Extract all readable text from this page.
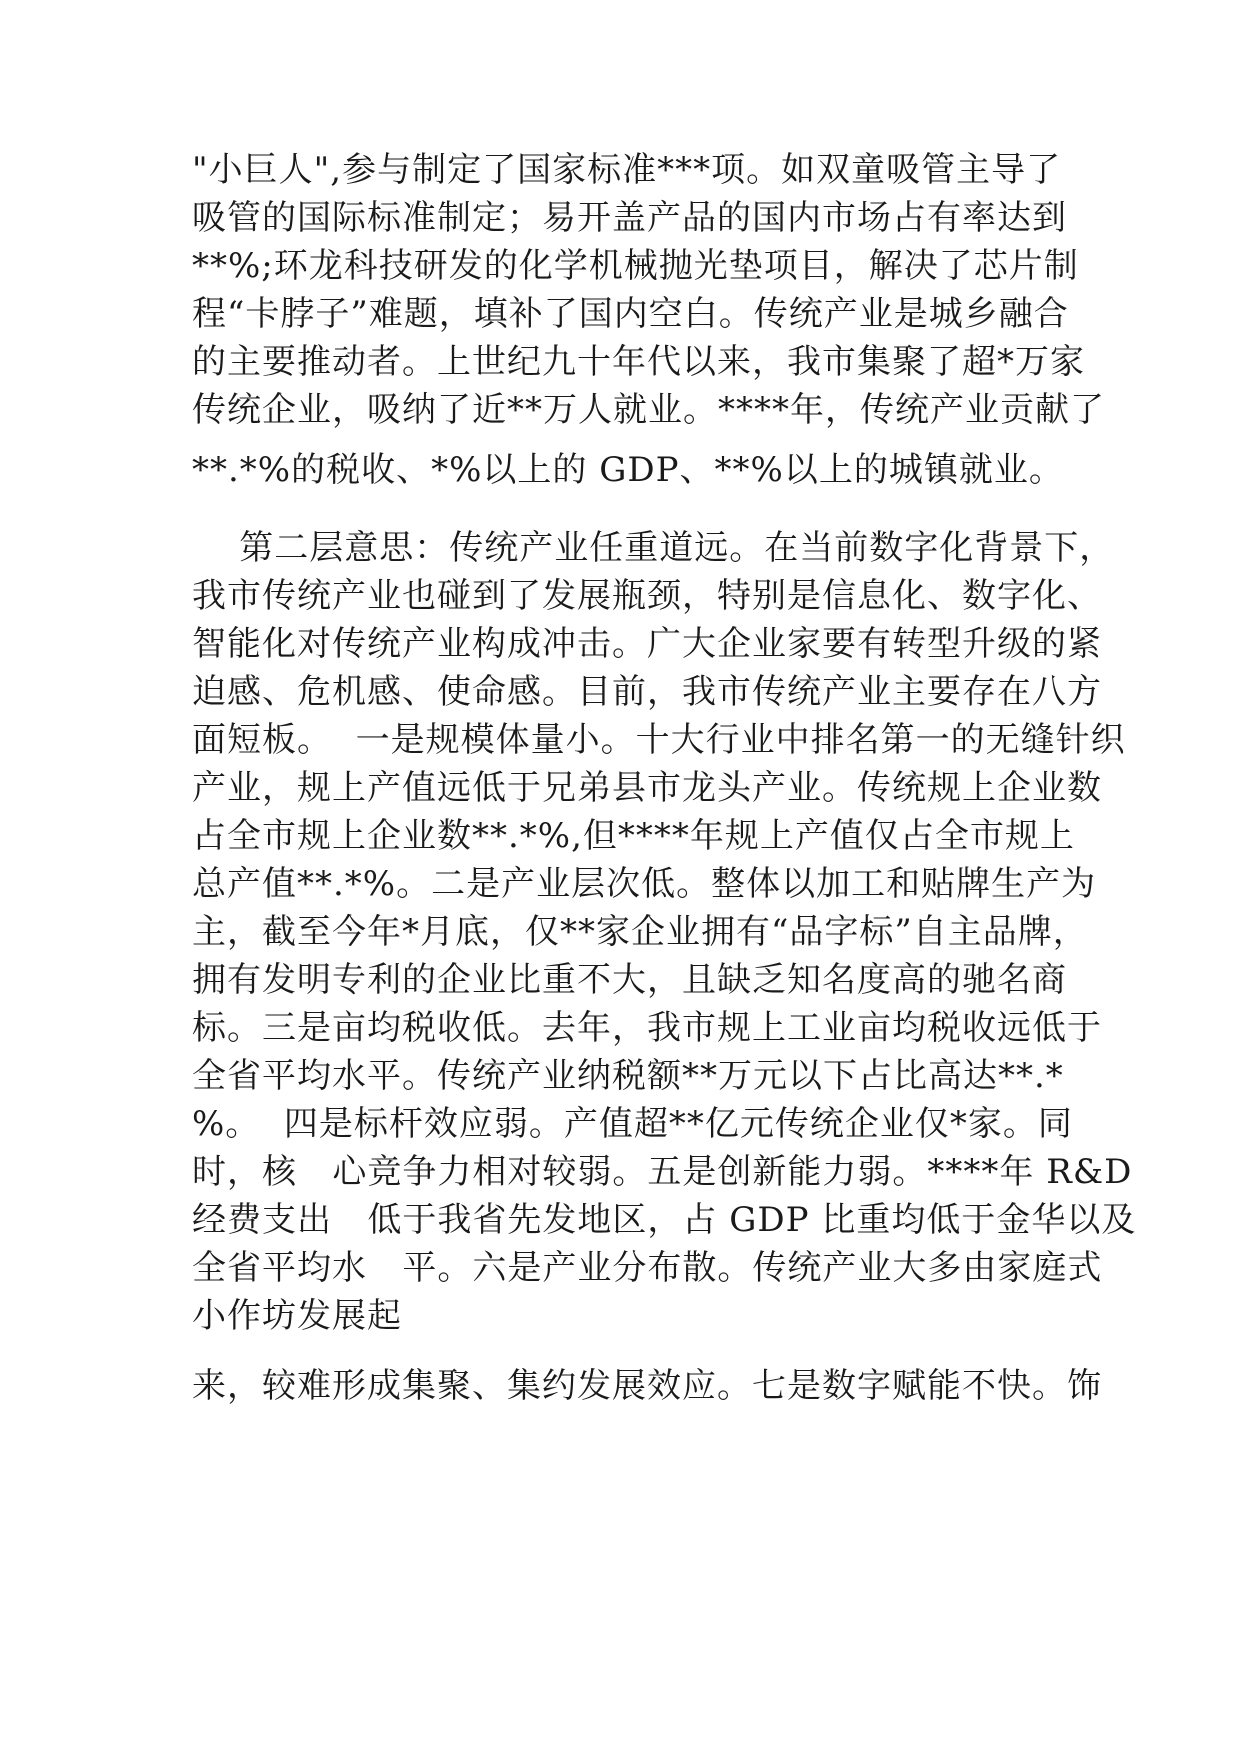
"小巨人",参与制定了国家标准***项。如双童吸管主导了
吸管的国际标准制定；易开盖产品的国内市场占有率达到
**%;环龙科技研发的化学机械抛光垫项目，解决了芯片制
程“卡脖子”难题，填补了国内空白。传统产业是城乡融合
的主要推动者。上世纪九十年代以来，我市集聚了超*万家
传统企业，吸纳了近**万人就业。****年，传统产业贡献了
**.*%的税收、*%以上的 GDP、**%以上的城镇就业。
第二层意思：传统产业任重道远。在当前数字化背景下，
我市传统产业也碰到了发展瓶颈，特别是信息化、数字化、
智能化对传统产业构成冲击。广大企业家要有转型升级的紧
迫感、危机感、使命感。目前，我市传统产业主要存在八方
面短板。  一是规模体量小。十大行业中排名第一的无缝针织
产业，规上产值远低于兄弟县市龙头产业。传统规上企业数
占全市规上企业数**.*%,但****年规上产值仅占全市规上
总产值**.*%。二是产业层次低。整体以加工和贴牌生产为
主，截至今年*月底，仅**家企业拥有“品字标”自主品牌，
拥有发明专利的企业比重不大，且缺乏知名度高的驰名商
标。三是亩均税收低。去年，我市规上工业亩均税收远低于
全省平均水平。传统产业纳税额**万元以下占比高达**.*
%。  四是标杆效应弱。产值超**亿元传统企业仅*家。同
时，核   心竞争力相对较弱。五是创新能力弱。****年 R&D
经费支出   低于我省先发地区，占 GDP 比重均低于金华以及
全省平均水   平。六是产业分布散。传统产业大多由家庭式
小作坊发展起
来，较难形成集聚、集约发展效应。七是数字赋能不快。饰
